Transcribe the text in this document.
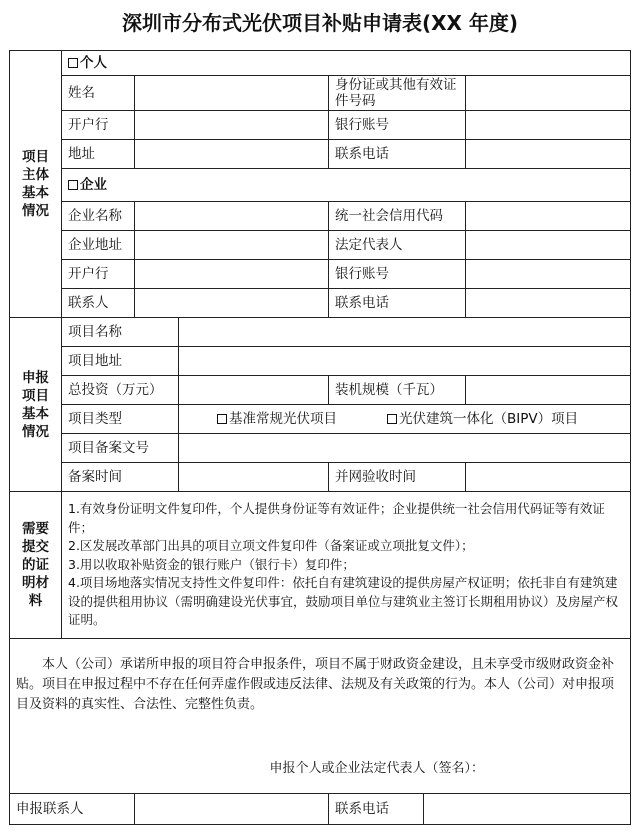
深圳市分布式光伏项目补贴申请表(XX 年度)
项目主体基本情况
个人
姓名	身份证或其他有效证件号码
开户行	银行账号
地址	联系电话
企业
企业名称	统一社会信用代码
企业地址	法定代表人
开户行	银行账号
联系人	联系电话
申报项目基本情况
项目名称
项目地址
总投资（万元）	装机规模（千瓦）
项目类型	基准常规光伏项目	光伏建筑一体化（BIPV）项目
项目备案文号
备案时间	并网验收时间
需要提交的证明材料
1.有效身份证明文件复印件，个人提供身份证等有效证件；企业提供统一社会信用代码证等有效证件；
2.区发展改革部门出具的项目立项文件复印件（备案证或立项批复文件）；
3.用以收取补贴资金的银行账户（银行卡）复印件；
4.项目场地落实情况支持性文件复印件：依托自有建筑建设的提供房屋产权证明；依托非自有建筑建设的提供租用协议（需明确建设光伏事宜，鼓励项目单位与建筑业主签订长期租用协议）及房屋产权证明。

本人（公司）承诺所申报的项目符合申报条件，项目不属于财政资金建设，且未享受市级财政资金补贴。项目在申报过程中不存在任何弄虚作假或违反法律、法规及有关政策的行为。本人（公司）对申报项目及资料的真实性、合法性、完整性负责。

申报个人或企业法定代表人（签名）：
申报联系人	联系电话
